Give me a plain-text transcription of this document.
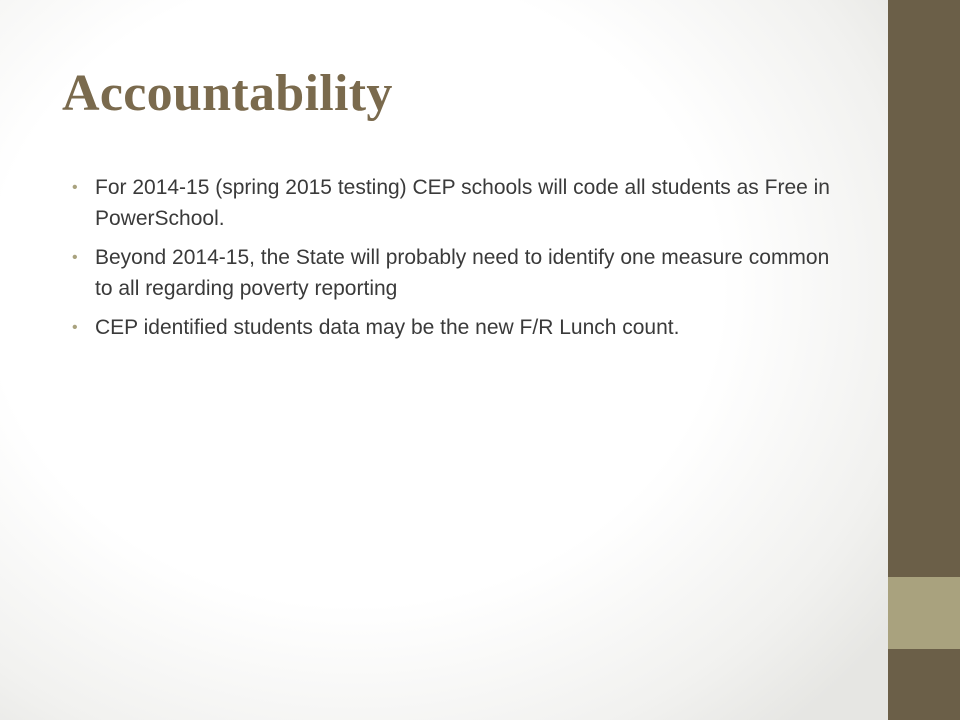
Accountability
• For 2014-15 (spring 2015 testing) CEP schools will code all students as Free in PowerSchool.
• Beyond 2014-15, the State will probably need to identify one measure common to all regarding poverty reporting
• CEP identified students data may be the new F/R Lunch count.
